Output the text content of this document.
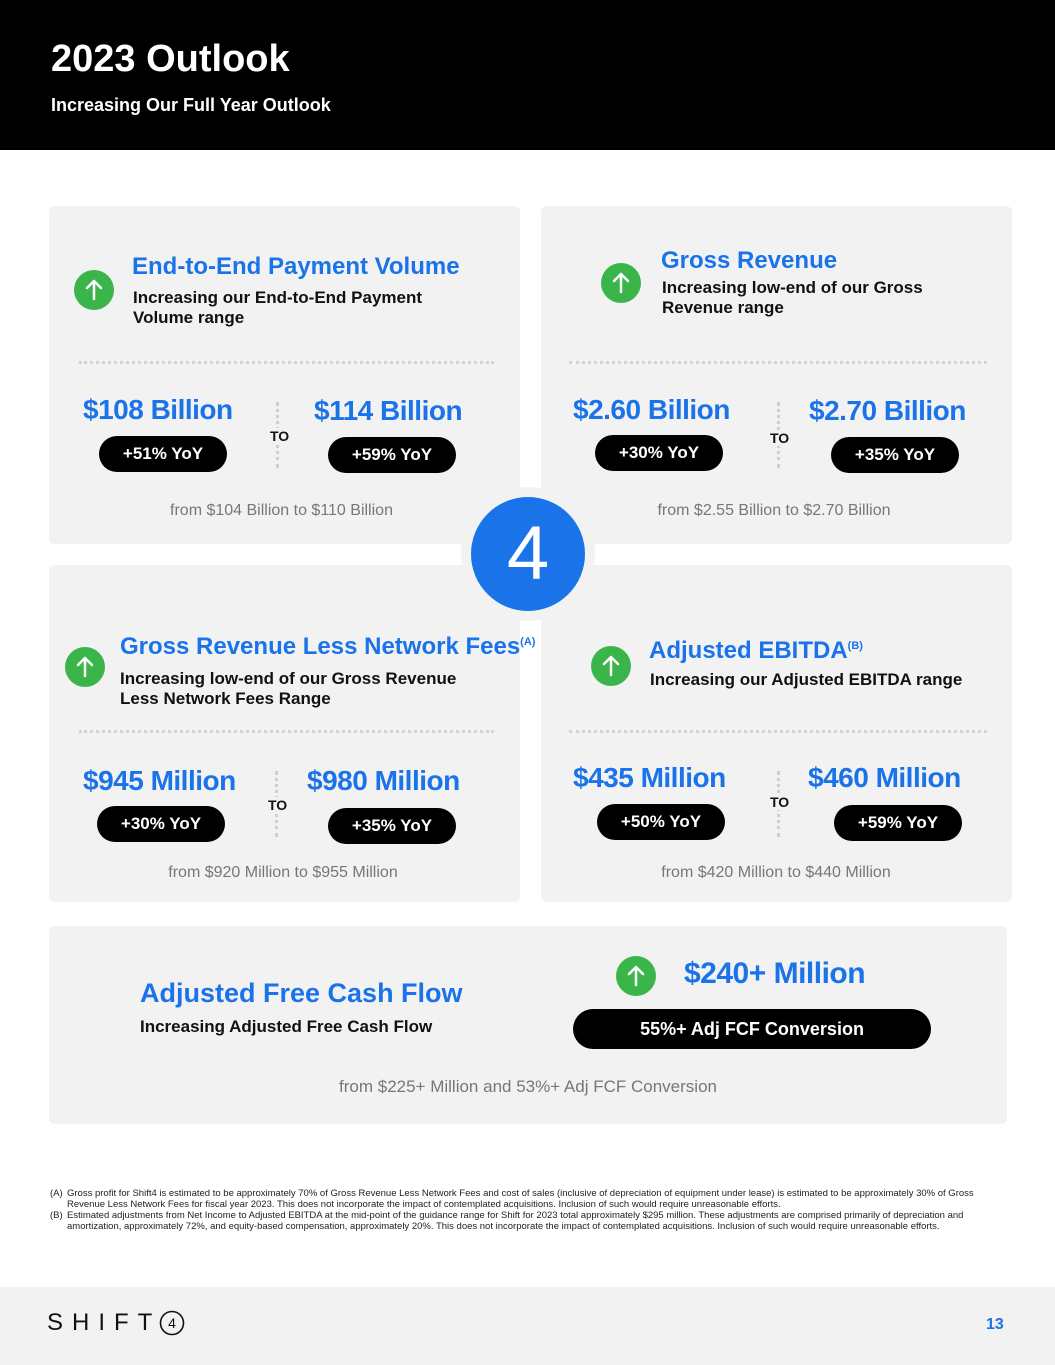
2023 Outlook
Increasing Our Full Year Outlook
End-to-End Payment Volume
Increasing our End-to-End Payment Volume range
$108 Billion
+51% YoY
TO
$114 Billion
+59% YoY
from $104 Billion to $110 Billion
Gross Revenue
Increasing low-end of our Gross Revenue range
$2.60 Billion
+30% YoY
TO
$2.70 Billion
+35% YoY
from $2.55 Billion to $2.70 Billion
Gross Revenue Less Network Fees$^{(A)}$
Increasing low-end of our Gross Revenue Less Network Fees Range
$945 Million
+30% YoY
TO
$980 Million
+35% YoY
from $920 Million to $955 Million
Adjusted $EBITDA^{(B)}$
Increasing our Adjusted EBITDA range
$435 Million
+50% YoY
TO
$460 Million
+59% YoY
from $420 Million to $440 Million
4
Adjusted Free Cash Flow
Increasing Adjusted Free Cash Flow
$240+ Million
from $225+ Million and 53%+ Adj FCF Conversion
55%+ Adj FCF Conversion
(A) Gross profit for Shift4 is estimated to be approximately 70% of Gross Revenue Less Network Fees and cost of sales (inclusive of depreciation of equipment under lease) is estimated to be approximately 30% of Gross Revenue Less Network Fees for fiscal year 2023. This does not incorporate the impact of contemplated acquisitions. Inclusion of such would require unreasonable efforts.
(B) Estimated adjustments from Net Income to Adjusted EBITDA at the mid-point of the guidance range for Shift for 2023 total approximately $295 million. These adjustments are comprised primarily of depreciation and amortization, approximately 72%, and equity-based compensation, approximately 20%. This does not incorporate the impact of contemplated acquisitions. Inclusion of such would require unreasonable efforts.
SHIFT 4	13
